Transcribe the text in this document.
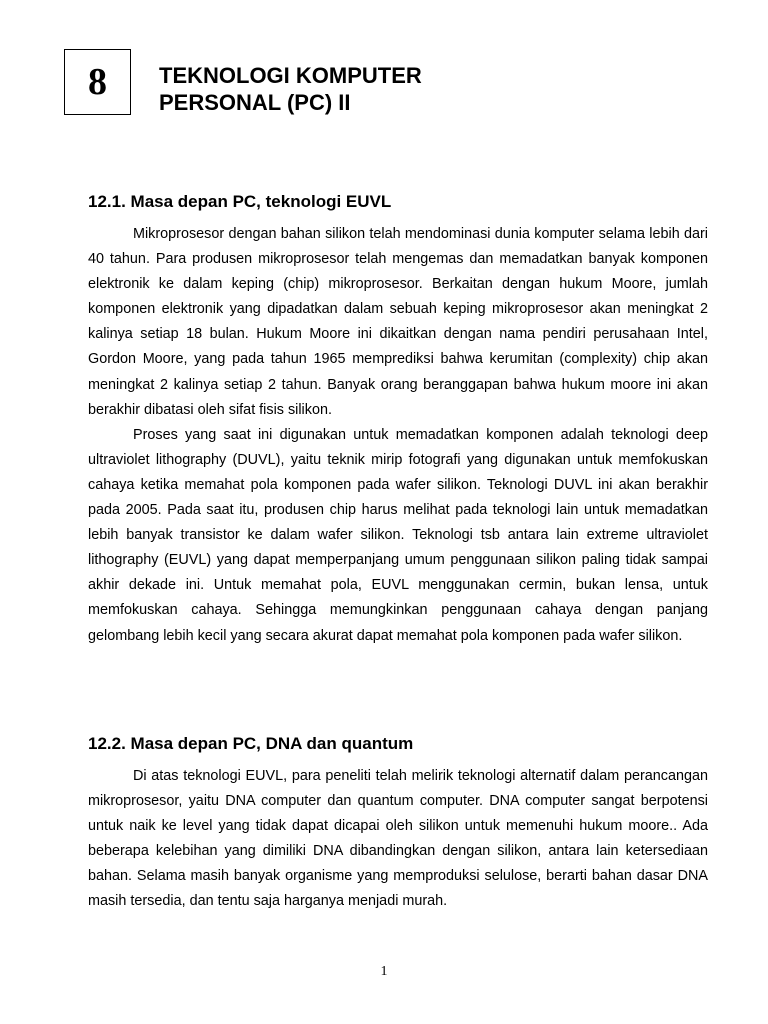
8 TEKNOLOGI KOMPUTER
PERSONAL (PC) II
12.1. Masa depan PC, teknologi EUVL

Mikroprosesor dengan bahan silikon telah mendominasi dunia komputer selama lebih dari 40 tahun. Para produsen mikroprosesor telah mengemas dan memadatkan banyak komponen elektronik ke dalam keping (chip) mikroprosesor. Berkaitan dengan hukum Moore, jumlah komponen elektronik yang dipadatkan dalam sebuah keping mikroprosesor akan meningkat 2 kalinya setiap 18 bulan. Hukum Moore ini dikaitkan dengan nama pendiri perusahaan Intel, Gordon Moore, yang pada tahun 1965 memprediksi bahwa kerumitan (complexity) chip akan meningkat 2 kalinya setiap 2 tahun. Banyak orang beranggapan bahwa hukum moore ini akan berakhir dibatasi oleh sifat fisis silikon.

Proses yang saat ini digunakan untuk memadatkan komponen adalah teknologi deep ultraviolet lithography (DUVL), yaitu teknik mirip fotografi yang digunakan untuk memfokuskan cahaya ketika memahat pola komponen pada wafer silikon. Teknologi DUVL ini akan berakhir pada 2005. Pada saat itu, produsen chip harus melihat pada teknologi lain untuk memadatkan lebih banyak transistor ke dalam wafer silikon. Teknologi tsb antara lain extreme ultraviolet lithography (EUVL) yang dapat memperpanjang umum penggunaan silikon paling tidak sampai akhir dekade ini. Untuk memahat pola, EUVL menggunakan cermin, bukan lensa, untuk memfokuskan cahaya. Sehingga memungkinkan penggunaan cahaya dengan panjang gelombang lebih kecil yang secara akurat dapat memahat pola komponen pada wafer silikon.

12.2. Masa depan PC, DNA dan quantum

Di atas teknologi EUVL, para peneliti telah melirik teknologi alternatif dalam perancangan mikroprosesor, yaitu DNA computer dan quantum computer. DNA computer sangat berpotensi untuk naik ke level yang tidak dapat dicapai oleh silikon untuk memenuhi hukum moore.. Ada beberapa kelebihan yang dimiliki DNA dibandingkan dengan silikon, antara lain ketersediaan bahan. Selama masih banyak organisme yang memproduksi selulose, berarti bahan dasar DNA masih tersedia, dan tentu saja harganya menjadi murah.

1
